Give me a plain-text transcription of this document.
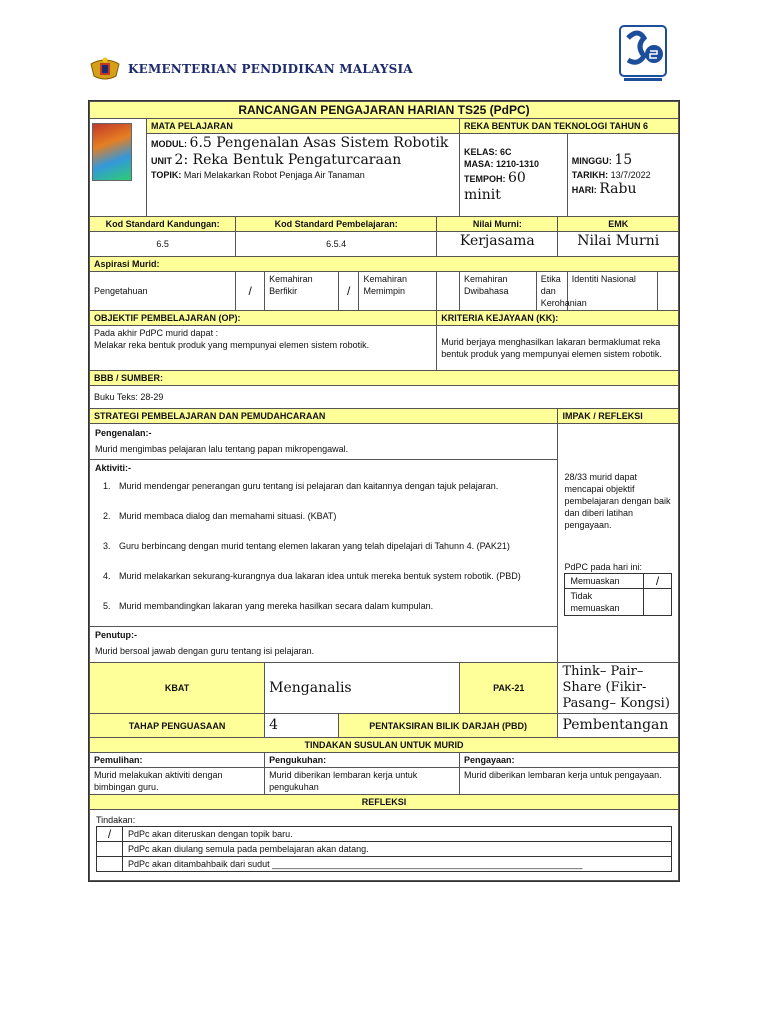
KEMENTERIAN PENDIDIKAN MALAYSIA
RANCANGAN PENGAJARAN HARIAN TS25 (PdPC)

	MATA PELAJARAN	REKA BENTUK DAN TEKNOLOGI TAHUN 6

MODUL: 6.5 Pengenalan Asas Sistem Robotik
UNIT 2: Reka Bentuk Pengaturcaraan
TOPIK: Mari Melakarkan Robot Penjaga Air Tanaman

KELAS: 6C
MASA: 1210-1310
TEMPOH: 60 minit

MINGGU: 15
TARIKH: 13/7/2022
HARI: Rabu

Kod Standard Kandungan:	Kod Standard Pembelajaran:	Nilai Murni:	EMK
6.5	6.5.4	Kerjasama	Nilai Murni
Aspirasi Murid:
Pengetahuan	/	Kemahiran Berfikir	/	Kemahiran Memimpin		Kemahiran Dwibahasa	Etika dan Kerohanian	Identiti Nasional	
OBJEKTIF PEMBELAJARAN (OP):	KRITERIA KEJAYAAN (KK):

Pada akhir PdPC murid dapat :
Melakar reka bentuk produk yang mempunyai elemen sistem robotik.	Murid berjaya menghasilkan lakaran bermaklumat reka bentuk produk yang mempunyai elemen sistem robotik.
BBB / SUMBER:
Buku Teks: 28-29
STRATEGI PEMBELAJARAN DAN PEMUDAHCARAAN	IMPAK / REFLEKSI

Pengenalan:-
Murid mengimbas pelajaran lalu tentang papan mikropengawal.
Aktiviti:-
1. Murid mendengar penerangan guru tentang isi pelajaran dan kaitannya dengan tajuk pelajaran.
2. Murid membaca dialog dan memahami situasi. (KBAT)
3. Guru berbincang dengan murid tentang elemen lakaran yang telah dipelajari di Tahunn 4. (PAK21)
4. Murid melakarkan sekurang-kurangnya dua lakaran idea untuk mereka bentuk system robotik. (PBD)
5. Murid membandingkan lakaran yang mereka hasilkan secara dalam kumpulan.
Penutup:-
Murid bersoal jawab dengan guru tentang isi pelajaran.

28/33 murid dapat mencapai objektif pembelajaran dengan baik dan diberi latihan pengayaan.
PdPC pada hari ini:
Memuaskan	/
Tidak memuaskan	

KBAT	Menganalis	PAK-21	Think– Pair– Share (Fikir-Pasang– Kongsi)
TAHAP PENGUASAAN	4	PENTAKSIRAN BILIK DARJAH (PBD)	Pembentangan
TINDAKAN SUSULAN UNTUK MURID
Pemulihan:	Pengukuhan:	Pengayaan:
Murid melakukan aktiviti dengan bimbingan guru.	Murid diberikan lembaran kerja untuk pengukuhan	Murid diberikan lembaran kerja untuk pengayaan.
REFLEKSI

Tindakan:
/	PdPc akan diteruskan dengan topik baru.
	PdPc akan diulang semula pada pembelajaran akan datang.
	PdPc akan ditambahbaik dari sudut ______________________________________________________________
